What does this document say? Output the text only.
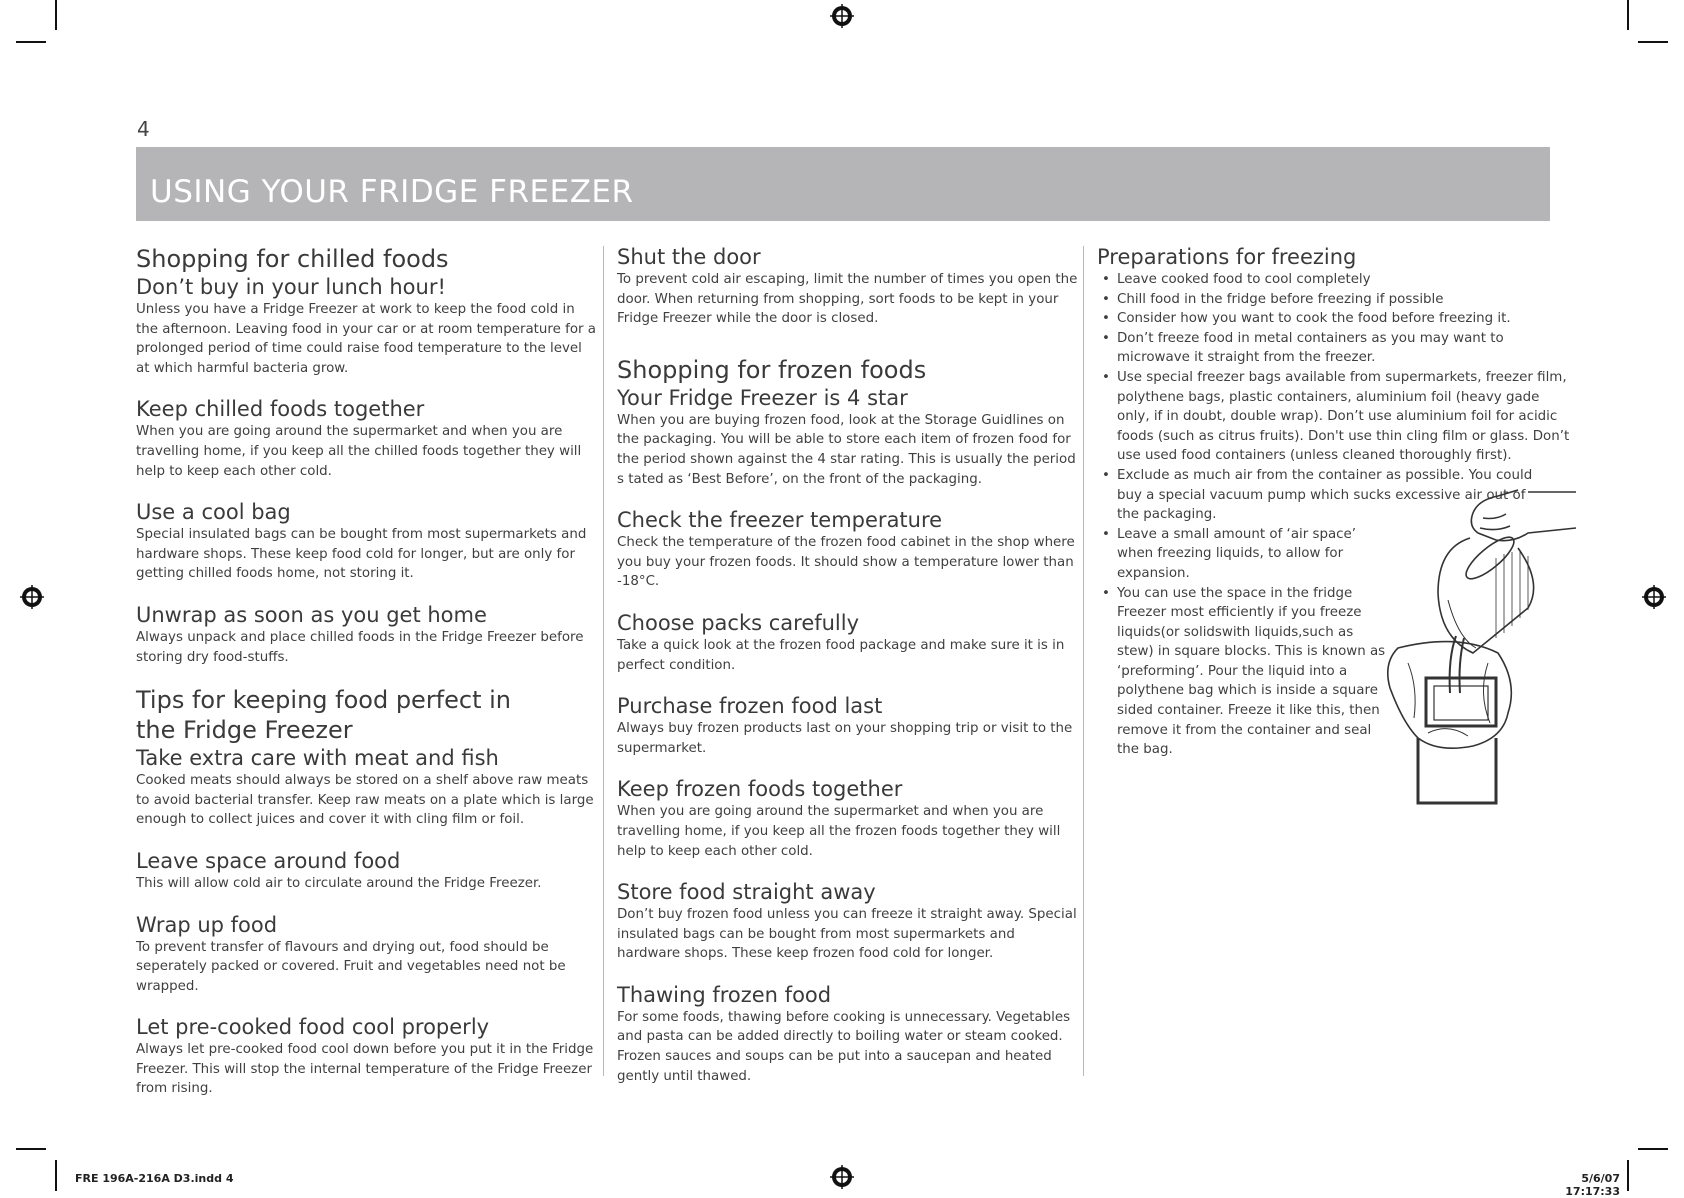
4
USING YOUR FRIDGE FREEZER
Shopping for chilled foods
Don’t buy in your lunch hour!

Unless you have a Fridge Freezer at work to keep the food cold in the afternoon. Leaving food in your car or at room temperature for a prolonged period of time could raise food temperature to the level at which harmful bacteria grow.

Keep chilled foods together

When you are going around the supermarket and when you are travelling home, if you keep all the chilled foods together they will help to keep each other cold.

Use a cool bag

Special insulated bags can be bought from most supermarkets and hardware shops. These keep food cold for longer, but are only for getting chilled foods home, not storing it.

Unwrap as soon as you get home

Always unpack and place chilled foods in the Fridge Freezer before storing dry food-stuffs.

Tips for keeping food perfect in the Fridge Freezer
Take extra care with meat and fish

Cooked meats should always be stored on a shelf above raw meats to avoid bacterial transfer. Keep raw meats on a plate which is large enough to collect juices and cover it with cling film or foil.

Leave space around food

This will allow cold air to circulate around the Fridge Freezer.

Wrap up food

To prevent transfer of flavours and drying out, food should be seperately packed or covered. Fruit and vegetables need not be wrapped.

Let pre-cooked food cool properly

Always let pre-cooked food cool down before you put it in the Fridge Freezer. This will stop the internal temperature of the Fridge Freezer from rising.

Shut the door

To prevent cold air escaping, limit the number of times you open the door. When returning from shopping, sort foods to be kept in your Fridge Freezer while the door is closed.

Shopping for frozen foods
Your Fridge Freezer is 4 star

When you are buying frozen food, look at the Storage Guidlines on the packaging. You will be able to store each item of frozen food for the period shown against the 4 star rating. This is usually the period s tated as ‘Best Before’, on the front of the packaging.

Check the freezer temperature

Check the temperature of the frozen food cabinet in the shop where you buy your frozen foods. It should show a temperature lower than -18°C.

Choose packs carefully

Take a quick look at the frozen food package and make sure it is in perfect condition.

Purchase frozen food last

Always buy frozen products last on your shopping trip or visit to the supermarket.

Keep frozen foods together

When you are going around the supermarket and when you are travelling home, if you keep all the frozen foods together they will help to keep each other cold.

Store food straight away

Don’t buy frozen food unless you can freeze it straight away. Special insulated bags can be bought from most supermarkets and hardware shops. These keep frozen food cold for longer.

Thawing frozen food

For some foods, thawing before cooking is unnecessary. Vegetables and pasta can be added directly to boiling water or steam cooked.

Frozen sauces and soups can be put into a saucepan and heated gently until thawed.

Preparations for freezing
• Leave cooked food to cool completely
• Chill food in the fridge before freezing if possible
• Consider how you want to cook the food before freezing it.
• Don’t freeze food in metal containers as you may want to microwave it straight from the freezer.
• Use special freezer bags available from supermarkets, freezer film, polythene bags, plastic containers, aluminium foil (heavy gade only, if in doubt, double wrap). Don’t use aluminium foil for acidic foods (such as citrus fruits). Don't use thin cling film or glass. Don’t use used food containers (unless cleaned thoroughly first).
• Exclude as much air from the container as possible. You could buy a special vacuum pump which sucks excessive air out of the packaging.
• Leave a small amount of ‘air space’ when freezing liquids, to allow for expansion.
• You can use the space in the fridge Freezer most efficiently if you freeze liquids(or solidswith liquids,such as stew) in square blocks. This is known as ‘preforming’. Pour the liquid into a polythene bag which is inside a square sided container. Freeze it like this, then remove it from the container and seal the bag.
FRE 196A-216A D3.indd 4	5/6/07 17:17:33
